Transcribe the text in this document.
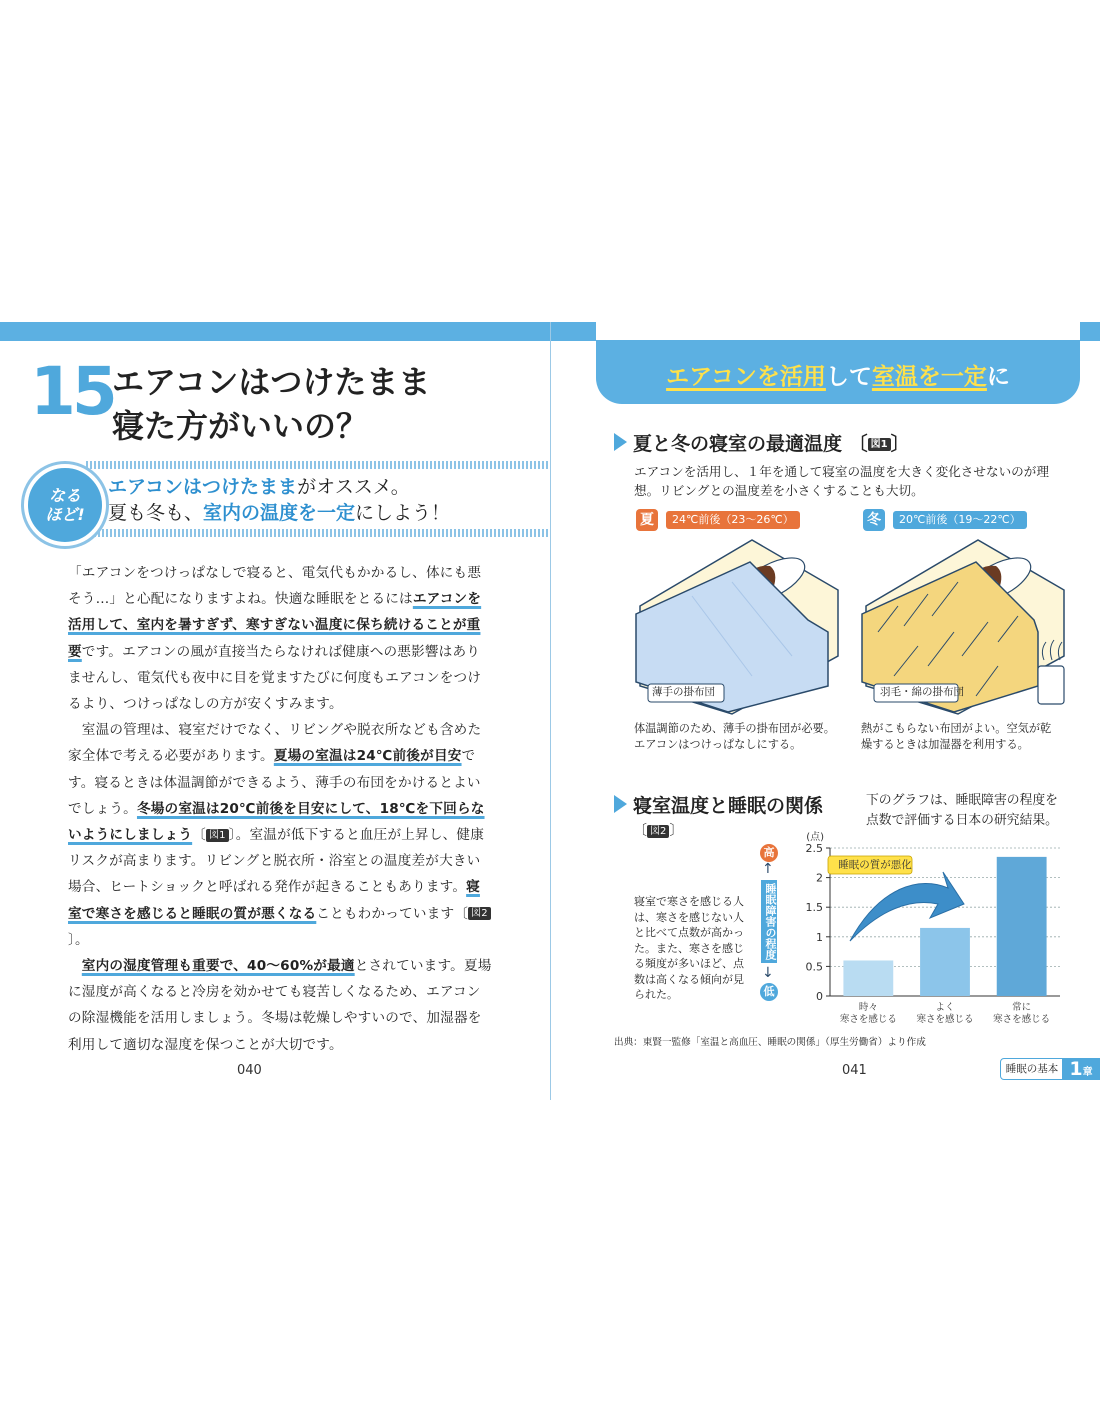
15
エアコンはつけたまま
寝た方がいいの？
なる
ほど!
エアコンはつけたままがオススメ。
夏も冬も、室内の温度を一定にしよう！

「エアコンをつけっぱなしで寝ると、電気代もかかるし、体にも悪そう…」と心配になりますよね。快適な睡眠をとるにはエアコンを活用して、室内を暑すぎず、寒すぎない温度に保ち続けることが重要です。エアコンの風が直接当たらなければ健康への悪影響はありませんし、電気代も夜中に目を覚ますたびに何度もエアコンをつけるより、つけっぱなしの方が安くすみます。

　室温の管理は、寝室だけでなく、リビングや脱衣所なども含めた家全体で考える必要があります。夏場の室温は24℃前後が目安です。寝るときは体温調節ができるよう、薄手の布団をかけるとよいでしょう。冬場の室温は20℃前後を目安にして、18℃を下回らないようにしましょう〔 図1 〕。室温が低下すると血圧が上昇し、健康リスクが高まります。リビングと脱衣所・浴室との温度差が大きい場合、ヒートショックと呼ばれる発作が起きることもあります。寝室で寒さを感じると睡眠の質が悪くなることもわかっています〔 図2〕。

　室内の湿度管理も重要で、40～60%が最適とされています。夏場に湿度が高くなると冷房を効かせても寝苦しくなるため、エアコンの除湿機能を活用しましょう。冬場は乾燥しやすいので、加湿器を利用して適切な湿度を保つことが大切です。

040
エアコンを活用して室温を一定に
夏と冬の寝室の最適温度 〔 図1 〕
エアコンを活用し、１年を通して寝室の温度を大きく変化させないのが理
想。リビングとの温度差を小さくすることも大切。
夏	24℃前後（23～26℃）
薄手の掛布団
体温調節のため、薄手の掛布団が必要。
エアコンはつけっぱなしにする。
冬	20℃前後（19～22℃）
羽毛・綿の掛布団
熱がこもらない布団がよい。空気が乾
燥するときは加湿器を利用する。
寝室温度と睡眠の関係
〔 図2 〕
下のグラフは、睡眠障害の程度を
点数で評価する日本の研究結果。
寝室で寒さを感じる人
は、寒さを感じない人
と比べて点数が高かっ
た。また、寒さを感じ
る頻度が多いほど、点
数は高くなる傾向が見
られた。
高
↑
睡眠障害の程度
↓
低
(点)
0
0.5
1
1.5
2
2.5
時々
寒さを感じる
よく
寒さを感じる
常に
寒さを感じる
睡眠の質が悪化
出典：東賢一監修「室温と高血圧、睡眠の関係」（厚生労働省）より作成
041	睡眠の基本 1章
